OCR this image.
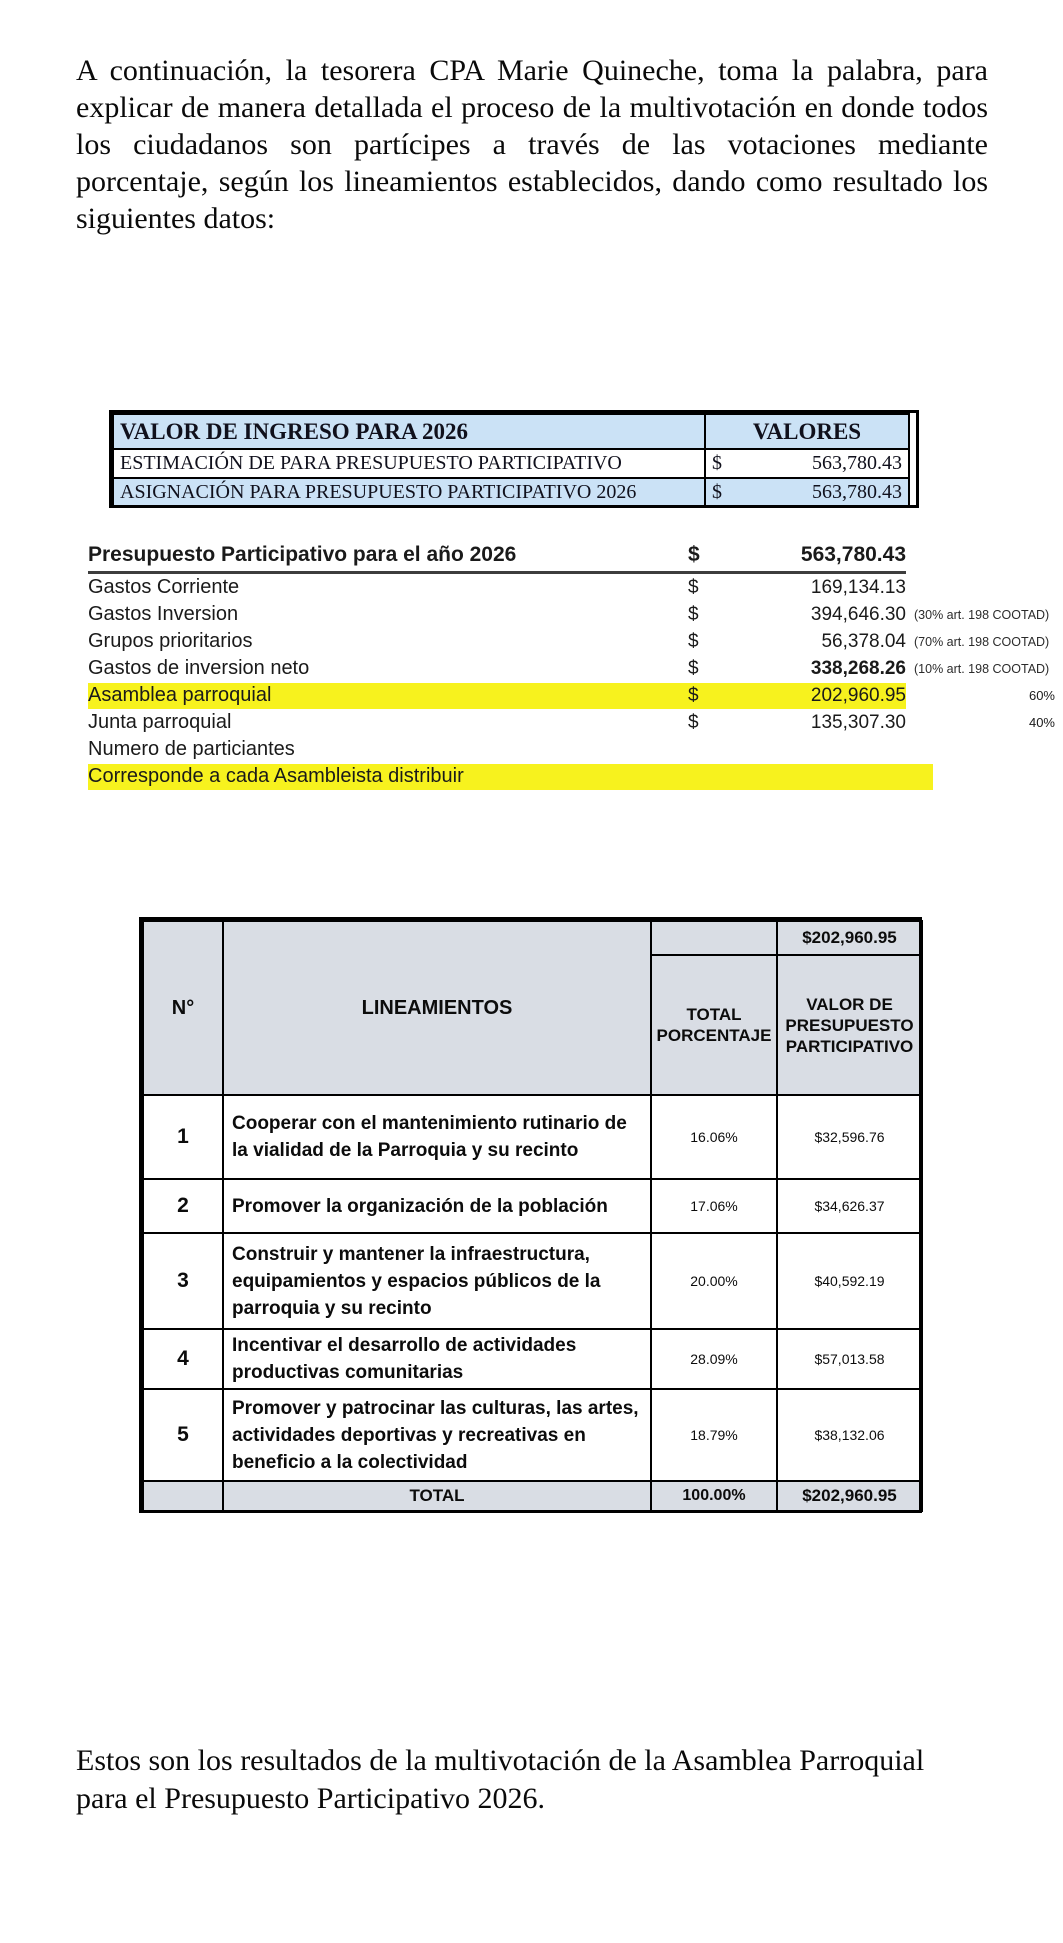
A continuación, la tesorera CPA Marie Quineche, toma la palabra, para explicar de manera detallada el proceso de la multivotación en donde todos los ciudadanos son partícipes a través de las votaciones mediante porcentaje, según los lineamientos establecidos, dando como resultado los siguientes datos:

VALOR DE INGRESO PARA 2026	VALORES
ESTIMACIÓN DE PARA PRESUPUESTO PARTICIPATIVO	$ 563,780.43

ASIGNACIÓN PARA PRESUPUESTO PARTICIPATIVO 2026	$ 563,780.43
Presupuesto Participativo para el año 2026	$	563,780.43
Gastos Corriente	$	169,134.13
Gastos Inversion	$	394,646.30 (30% art. 198 COOTAD)
Grupos prioritarios	$	56,378.04 (70% art. 198 COOTAD)
Gastos de inversion neto	$	338,268.26 (10% art. 198 COOTAD)
Asamblea parroquial	$	202,960.95	60%
Junta parroquial	$	135,307.30	40%
Numero de particiantes
Corresponde a cada Asambleista distribuir
N°	LINEAMIENTOS		$202,960.95
		TOTAL PORCENTAJE	VALOR DE PRESUPUESTO PARTICIPATIVO
1	Cooperar con el mantenimiento rutinario de la vialidad de la Parroquia y su recinto	16.06%	$32,596.76
2	Promover la organización de la población	17.06%	$34,626.37
3	Construir y mantener la infraestructura, equipamientos y espacios públicos de la parroquia y su recinto	20.00%	$40,592.19
4	Incentivar el desarrollo de actividades productivas comunitarias	28.09%	$57,013.58
5	Promover y patrocinar las culturas, las artes, actividades deportivas y recreativas en beneficio a la colectividad	18.79%	$38,132.06
	TOTAL	100.00%	$202,960.95

Estos son los resultados de la multivotación de la Asamblea Parroquial para el Presupuesto Participativo 2026.
